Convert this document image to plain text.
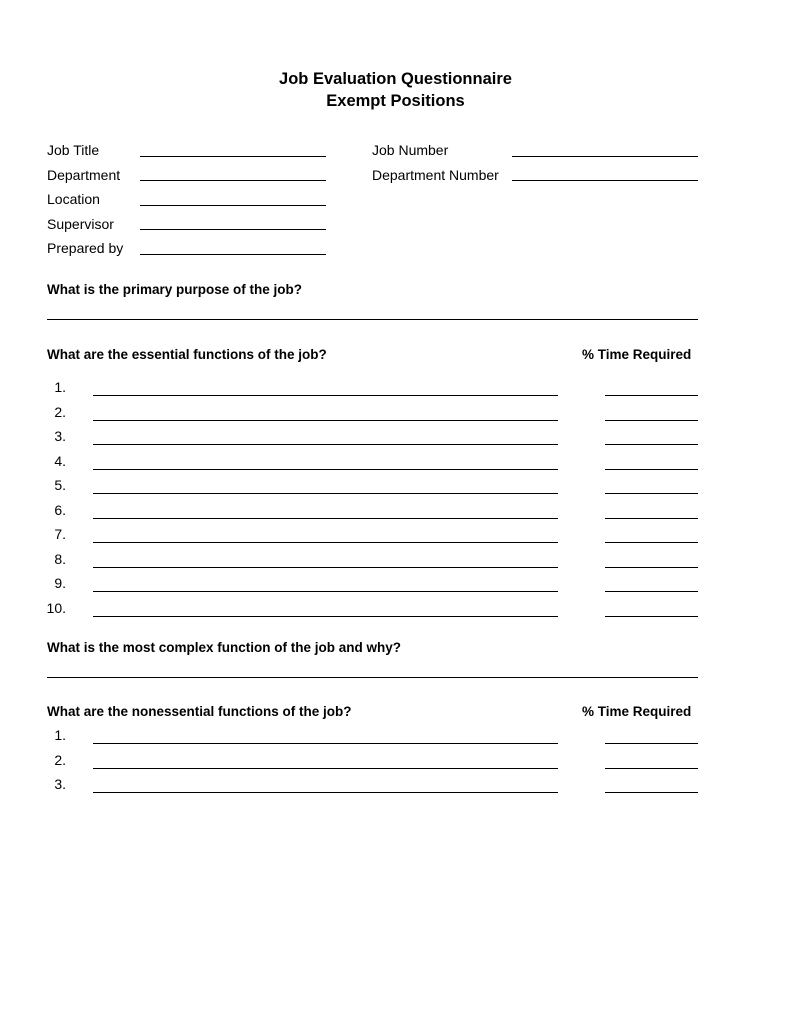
Job Evaluation Questionnaire
Exempt Positions
Job Title
Department
Location
Supervisor
Prepared by
Job Number
Department Number
What is the primary purpose of the job?
What are the essential functions of the job?	% Time Required
1.
2.
3.
4.
5.
6.
7.
8.
9.
10.
What is the most complex function of the job and why?
What are the nonessential functions of the job?	% Time Required
1.
2.
3.
